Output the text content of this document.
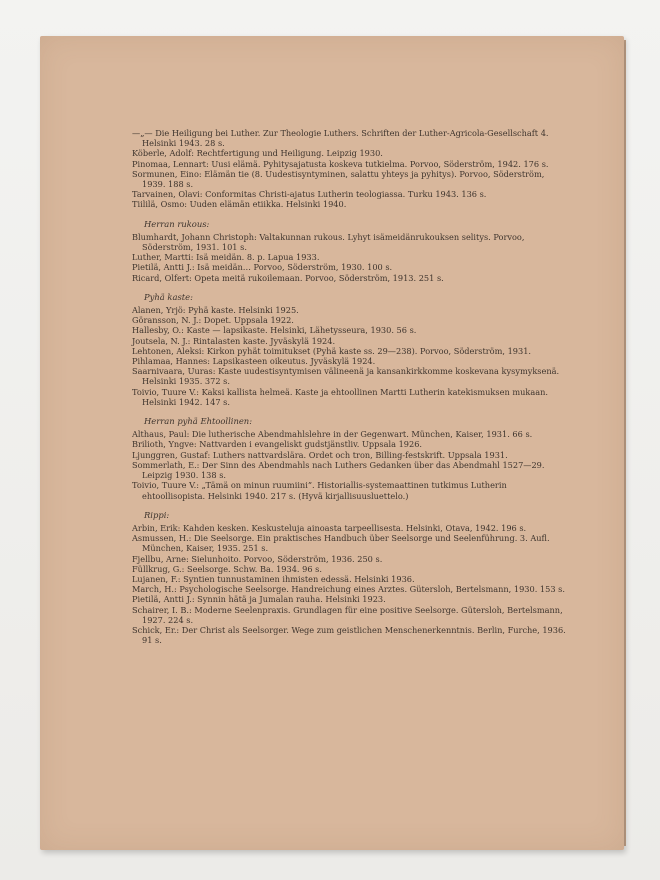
—„— Die Heiligung bei Luther. Zur Theologie Luthers. Schriften der Luther-Agricola-Gesellschaft 4. Helsinki 1943. 28 s.

Köberle, Adolf: Rechtfertigung und Heiligung. Leipzig 1930.

Pinomaa, Lennart: Uusi elämä. Pyhitysajatusta koskeva tutkielma. Porvoo, Söderström, 1942. 176 s.

Sormunen, Eino: Elämän tie (8. Uudestisyntyminen, salattu yhteys ja pyhitys). Porvoo, Söderström, 1939. 188 s.

Tarvainen, Olavi: Conformitas Christi-ajatus Lutherin teologiassa. Turku 1943. 136 s.

Tiililä, Osmo: Uuden elämän etiikka. Helsinki 1940.

Herran rukous:

Blumhardt, Johann Christoph: Valtakunnan rukous. Lyhyt isämeidänrukouksen selitys. Porvoo, Söderström, 1931. 101 s.

Luther, Martti: Isä meidän. 8. p. Lapua 1933.

Pietilä, Antti J.: Isä meidän… Porvoo, Söderström, 1930. 100 s.

Ricard, Olfert: Opeta meitä rukoilemaan. Porvoo, Söderström, 1913. 251 s.

Pyhä kaste:

Alanen, Yrjö: Pyhä kaste. Helsinki 1925.

Göransson, N. J.: Dopet. Uppsala 1922.

Hallesby, O.: Kaste — lapsikaste. Helsinki, Lähetysseura, 1930. 56 s.

Joutsela, N. J.: Rintalasten kaste. Jyväskylä 1924.

Lehtonen, Aleksi: Kirkon pyhät toimitukset (Pyhä kaste ss. 29—238). Porvoo, Söderström, 1931.

Pihlamaa, Hannes: Lapsikasteen oikeutus. Jyväskylä 1924.

Saarnivaara, Uuras: Kaste uudestisyntymisen välineenä ja kansankirkkomme koskevana kysymyksenä. Helsinki 1935. 372 s.

Toivio, Tuure V.: Kaksi kallista helmeä. Kaste ja ehtoollinen Martti Lutherin katekismuksen mukaan. Helsinki 1942. 147 s.

Herran pyhä Ehtoollinen:

Althaus, Paul: Die lutherische Abendmahlslehre in der Gegenwart. München, Kaiser, 1931. 66 s.

Brilioth, Yngve: Nattvarden i evangeliskt gudstjänstliv. Uppsala 1926.

Ljunggren, Gustaf: Luthers nattvardslära. Ordet och tron, Billing-festskrift. Uppsala 1931.

Sommerlath, E.: Der Sinn des Abendmahls nach Luthers Gedanken über das Abendmahl 1527—29. Leipzig 1930. 138 s.

Toivio, Tuure V.: „Tämä on minun ruumiini”. Historiallis-systemaattinen tutkimus Lutherin ehtoollisopista. Helsinki 1940. 217 s. (Hyvä kirjallisuusluettelo.)

Rippi:

Arbin, Erik: Kahden kesken. Keskusteluja ainoasta tarpeellisesta. Helsinki, Otava, 1942. 196 s.

Asmussen, H.: Die Seelsorge. Ein praktisches Handbuch über Seelsorge und Seelenführung. 3. Aufl. München, Kaiser, 1935. 251 s.

Fjellbu, Arne: Sielunhoito. Porvoo, Söderström, 1936. 250 s.

Füllkrug, G.: Seelsorge. Schw. Ba. 1934. 96 s.

Lujanen, F.: Syntien tunnustaminen ihmisten edessä. Helsinki 1936.

March, H.: Psychologische Seelsorge. Handreichung eines Arztes. Gütersloh, Bertelsmann, 1930. 153 s.

Pietilä, Antti J.: Synnin hätä ja Jumalan rauha. Helsinki 1923.

Schairer, I. B.: Moderne Seelenpraxis. Grundlagen für eine positive Seelsorge. Gütersloh, Bertelsmann, 1927. 224 s.

Schick, Er.: Der Christ als Seelsorger. Wege zum geistlichen Menschenerkenntnis. Berlin, Furche, 1936. 91 s.
